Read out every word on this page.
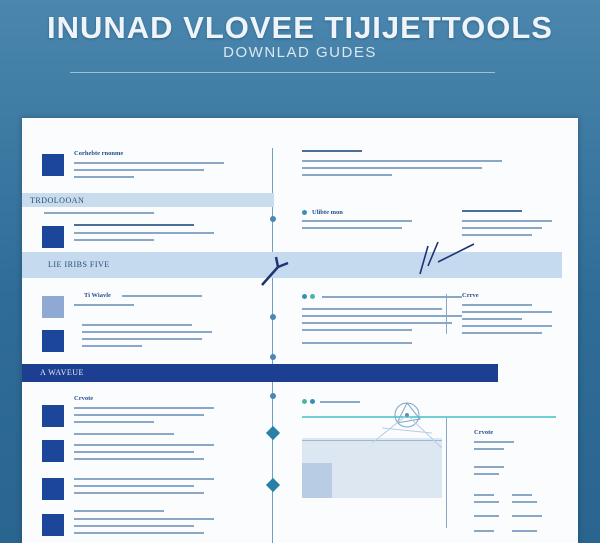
INUNAD VLOVEE TIJIJETTOOLS
DOWNLAD GUDES
Corhebte rnonme
TRDOLOOAN
Ulibte mon
LIE IRIBS FIVE
Ti Wiavle	Crrve
A WAVEUE
Crvote
Crvote
